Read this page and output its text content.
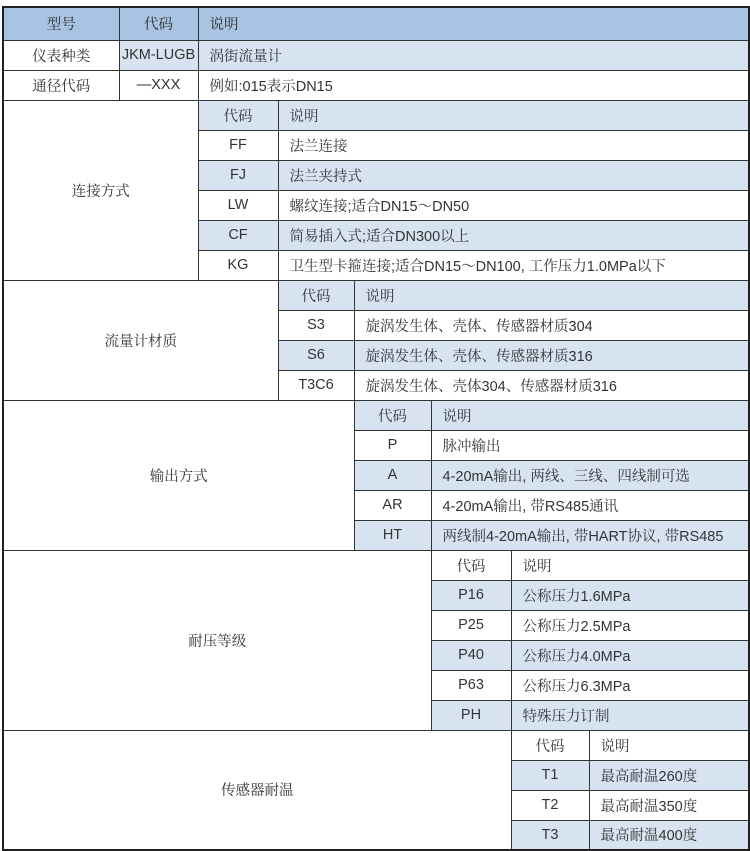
型号	代码	说明					
仪表种类	JKM-LUGB	涡街流量计					
通径代码	—XXX	例如:015表示DN15					
连接方式		代码	说明				
		FF	法兰连接				
		FJ	法兰夹持式				
		LW	螺纹连接;适合DN15～DN50				
		CF	简易插入式;适合DN300以上				
		KG	卫生型卡箍连接;适合DN15～DN100, 工作压力1.0MPa以下				
流量计材质			代码	说明			
			S3	旋涡发生体、壳体、传感器材质304			
			S6	旋涡发生体、壳体、传感器材质316			
			T3C6	旋涡发生体、壳体304、传感器材质316			
输出方式				代码	说明		
				P	脉冲输出		
				A	4-20mA输出, 两线、三线、四线制可选		
				AR	4-20mA输出, 带RS485通讯		
				HT	两线制4-20mA输出, 带HART协议, 带RS485		
耐压等级					代码	说明	
					P16	公称压力1.6MPa	
					P25	公称压力2.5MPa	
					P40	公称压力4.0MPa	
					P63	公称压力6.3MPa	
					PH	特殊压力订制	
传感器耐温						代码	说明
						T1	最高耐温260度
						T2	最高耐温350度
						T3	最高耐温400度
